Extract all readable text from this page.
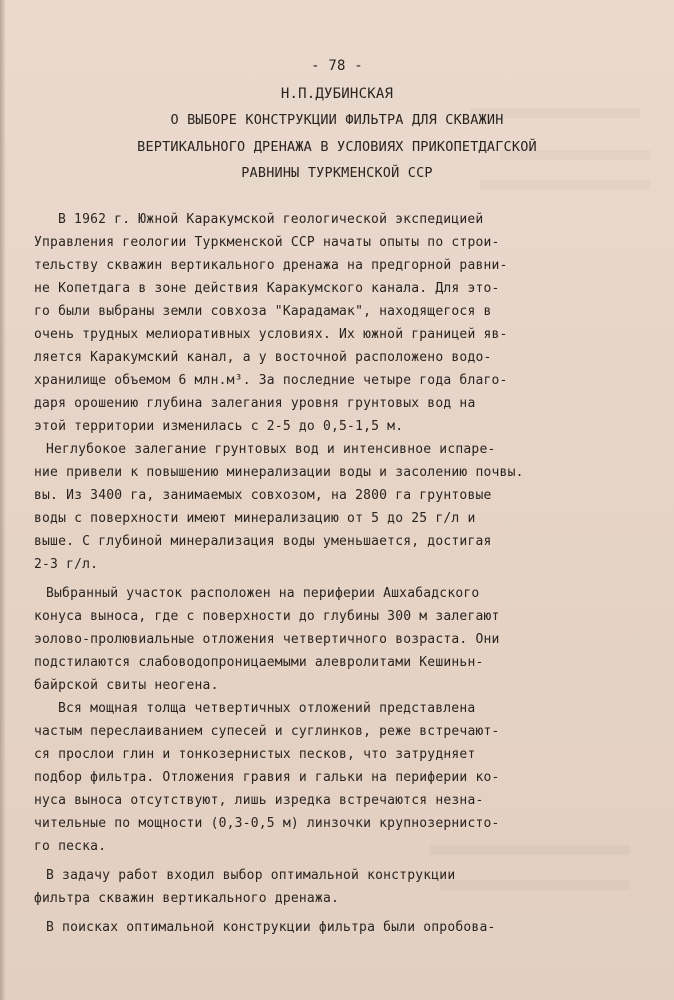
- 78 -
Н.П.ДУБИНСКАЯ
О ВЫБОРЕ КОНСТРУКЦИИ ФИЛЬТРА ДЛЯ СКВАЖИН
ВЕРТИКАЛЬНОГО ДРЕНАЖА В УСЛОВИЯХ ПРИКОПЕТДАГСКОЙ
РАВНИНЫ ТУРКМЕНСКОЙ ССР
В 1962 г. Южной Каракумской геологической экспедицией
Управления геологии Туркменской ССР начаты опыты по строи-
тельству скважин вертикального дренажа на предгорной равни-
не Копетдага в зоне действия Каракумского канала. Для это-
го были выбраны земли совхоза "Карадамак", находящегося в
очень трудных мелиоративных условиях. Их южной границей яв-
ляется Каракумский канал, а у восточной расположено водо-
хранилище объемом 6 млн.м³. За последние четыре года благо-
даря орошению глубина залегания уровня грунтовых вод на
этой территории изменилась с 2-5 до 0,5-1,5 м.
Неглубокое залегание грунтовых вод и интенсивное испаре-
ние привели к повышению минерализации воды и засолению почвы.
вы. Из 3400 га, занимаемых совхозом, на 2800 га грунтовые
воды с поверхности имеют минерализацию от 5 до 25 г/л и
выше. С глубиной минерализация воды уменьшается, достигая
2-3 г/л.
Выбранный участок расположен на периферии Ашхабадского
конуса выноса, где с поверхности до глубины 300 м залегают
эолово-пролювиальные отложения четвертичного возраста. Они
подстилаются слабоводопроницаемыми алевролитами Кешиньн-
байрской свиты неогена.
Вся мощная толща четвертичных отложений представлена
частым переслаиванием супесей и суглинков, реже встречают-
ся прослои глин и тонкозернистых песков, что затрудняет
подбор фильтра. Отложения гравия и гальки на периферии ко-
нуса выноса отсутствуют, лишь изредка встречаются незна-
чительные по мощности (0,3-0,5 м) линзочки крупнозернисто-
го песка.
В задачу работ входил выбор оптимальной конструкции
фильтра скважин вертикального дренажа.
В поисках оптимальной конструкции фильтра были опробова-
